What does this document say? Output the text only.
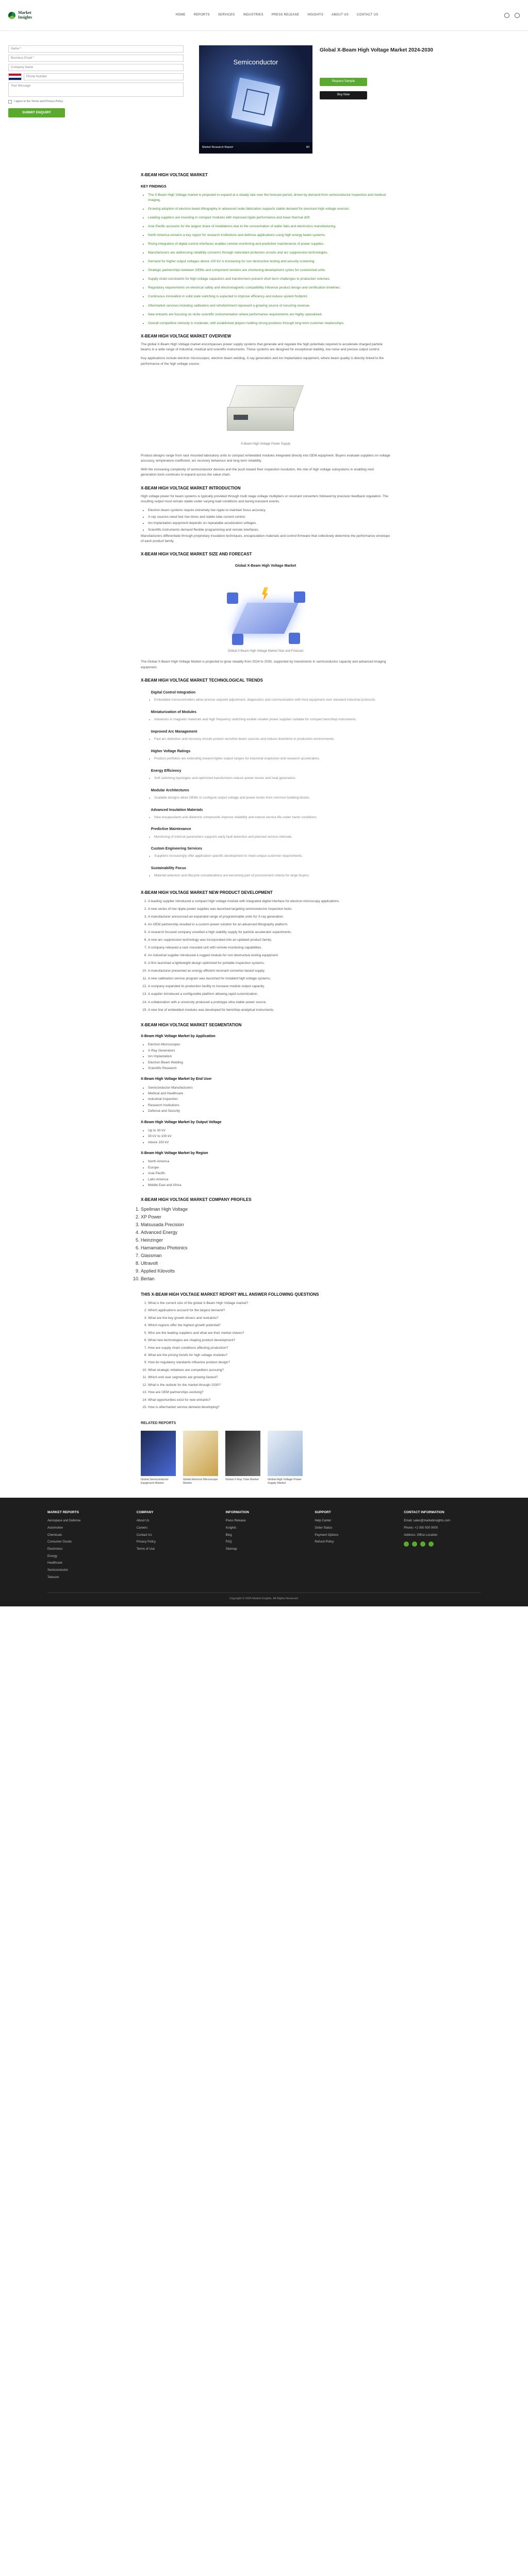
Market
Insights	HOME	REPORTS	SERVICES	INDUSTRIES	PRESS RELEASE	INSIGHTS	ABOUT US	CONTACT US
Name *
Business Email *
Company Name
Phone Number
Your Message
I agree to the Terms and Privacy Policy
SUBMIT ENQUIRY
Semiconductor
Market Research Report	MI
Global X-Beam High Voltage Market 2024-2030
Request Sample
Buy Now
X-BEAM HIGH VOLTAGE MARKET
KEY FINDINGS
• The X-Beam High Voltage market is projected to expand at a steady rate over the forecast period, driven by demand from semiconductor inspection and medical imaging.
• Growing adoption of electron beam lithography in advanced node fabrication supports stable demand for precision high voltage sources.
• Leading suppliers are investing in compact modules with improved ripple performance and lower thermal drift.
• Asia Pacific accounts for the largest share of installations due to the concentration of wafer fabs and electronics manufacturing.
• North America remains a key region for research institutions and defense applications using high energy beam systems.
• Rising integration of digital control interfaces enables remote monitoring and predictive maintenance of power supplies.
• Manufacturers are addressing reliability concerns through redundant protection circuits and arc suppression technologies.
• Demand for higher output voltages above 100 kV is increasing for non destructive testing and security screening.
• Strategic partnerships between OEMs and component vendors are shortening development cycles for customized units.
• Supply chain constraints for high voltage capacitors and transformers present short term challenges to production volumes.
• Regulatory requirements on electrical safety and electromagnetic compatibility influence product design and certification timelines.
• Continuous innovation in solid state switching is expected to improve efficiency and reduce system footprint.
• Aftermarket services including calibration and refurbishment represent a growing source of recurring revenue.
• New entrants are focusing on niche scientific instrumentation where performance requirements are highly specialized.
• Overall competitive intensity is moderate, with established players holding strong positions through long term customer relationships.
X-BEAM HIGH VOLTAGE MARKET OVERVIEW

The global X-Beam High Voltage market encompasses power supply systems that generate and regulate the high potentials required to accelerate charged particle beams in a wide range of industrial, medical and scientific instruments. These systems are designed for exceptional stability, low noise and precise output control.

Key applications include electron microscopes, electron beam welding, X-ray generation and ion implantation equipment, where beam quality is directly linked to the performance of the high voltage source.

X-Beam High Voltage Power Supply

Product designs range from rack mounted laboratory units to compact embedded modules integrated directly into OEM equipment. Buyers evaluate suppliers on voltage accuracy, temperature coefficient, arc recovery behaviour and long term reliability.

With the increasing complexity of semiconductor devices and the push toward finer inspection resolution, the role of high voltage subsystems in enabling next generation tools continues to expand across the value chain.

X-BEAM HIGH VOLTAGE MARKET INTRODUCTION

High voltage power for beam systems is typically provided through multi stage voltage multipliers or resonant converters followed by precision feedback regulation. The resulting output must remain stable under varying load conditions and during transient events.

• Electron beam systems require extremely low ripple to maintain focus accuracy.
• X-ray sources need fast rise times and stable tube current control.
• Ion implantation equipment depends on repeatable acceleration voltages.
• Scientific instruments demand flexible programming and remote interfaces.

Manufacturers differentiate through proprietary insulation techniques, encapsulation materials and control firmware that collectively determine the performance envelope of each product family.

X-BEAM HIGH VOLTAGE MARKET SIZE AND FORECAST
Global X-Beam High Voltage Market
Global X-Beam High Voltage Market Size and Forecast

The Global X-Beam High Voltage Market is projected to grow steadily from 2024 to 2030, supported by investments in semiconductor capacity and advanced imaging equipment.

X-BEAM HIGH VOLTAGE MARKET TECHNOLOGICAL TRENDS
1. Digital Control Integration
• Embedded microcontrollers allow precise setpoint adjustment, diagnostics and communication with host equipment over standard industrial protocols.
1. Miniaturization of Modules
• Advances in magnetic materials and high frequency switching enable smaller power supplies suitable for compact benchtop instruments.
1. Improved Arc Management
• Fast arc detection and recovery circuits protect sensitive beam sources and reduce downtime in production environments.
1. Higher Voltage Ratings
• Product portfolios are extending toward higher output ranges for industrial inspection and research accelerators.
1. Energy Efficiency
• Soft switching topologies and optimized transformers reduce power losses and heat generation.
1. Modular Architectures
• Scalable designs allow OEMs to configure output voltage and power levels from common building blocks.
1. Advanced Insulation Materials
• New encapsulants and dielectric compounds improve reliability and extend service life under harsh conditions.
1. Predictive Maintenance
• Monitoring of internal parameters supports early fault detection and planned service intervals.
1. Custom Engineering Services
• Suppliers increasingly offer application specific development to meet unique customer requirements.
1. Sustainability Focus
• Material selection and lifecycle considerations are becoming part of procurement criteria for large buyers.
X-BEAM HIGH VOLTAGE MARKET NEW PRODUCT DEVELOPMENT
1. A leading supplier introduced a compact high voltage module with integrated digital interface for electron microscopy applications.
2. A new series of low ripple power supplies was launched targeting semiconductor inspection tools.
3. A manufacturer announced an expanded range of programmable units for X-ray generation.
4. An OEM partnership resulted in a custom power solution for an advanced lithography platform.
5. A research focused company unveiled a high stability supply for particle accelerator experiments.
6. A new arc suppression technology was incorporated into an updated product family.
7. A company released a rack mounted unit with remote monitoring capabilities.
8. An industrial supplier introduced a rugged module for non destructive testing equipment.
9. A firm launched a lightweight design optimized for portable inspection systems.
10. A manufacturer presented an energy efficient resonant converter based supply.
11. A new calibration service program was launched for installed high voltage systems.
12. A company expanded its production facility to increase module output capacity.
13. A supplier introduced a configurable platform allowing rapid customization.
14. A collaboration with a university produced a prototype ultra stable power source.
15. A new line of embedded modules was developed for benchtop analytical instruments.
X-BEAM HIGH VOLTAGE MARKET SEGMENTATION
X-Beam High Voltage Market by Application
• Electron Microscopes
• X-Ray Generators
• Ion Implantation
• Electron Beam Welding
• Scientific Research
X-Beam High Voltage Market by End User
• Semiconductor Manufacturers
• Medical and Healthcare
• Industrial Inspection
• Research Institutions
• Defense and Security
X-Beam High Voltage Market by Output Voltage
• Up to 30 kV
• 30 kV to 100 kV
• Above 100 kV
X-Beam High Voltage Market by Region
• North America
• Europe
• Asia Pacific
• Latin America
• Middle East and Africa
X-BEAM HIGH VOLTAGE MARKET COMPANY PROFILES
1. Spellman High Voltage
2. XP Power
3. Matsusada Precision
4. Advanced Energy
5. Heinzinger
6. Hamamatsu Photonics
7. Glassman
8. Ultravolt
9. Applied Kilovolts
10. Bertan
THIS X-BEAM HIGH VOLTAGE MARKET REPORT WILL ANSWER FOLLOWING QUESTIONS
1. What is the current size of the global X-Beam High Voltage market?
2. Which applications account for the largest demand?
3. What are the key growth drivers and restraints?
4. Which regions offer the highest growth potential?
5. Who are the leading suppliers and what are their market shares?
6. What new technologies are shaping product development?
7. How are supply chain conditions affecting production?
8. What are the pricing trends for high voltage modules?
9. How do regulatory standards influence product design?
10. What strategic initiatives are competitors pursuing?
11. Which end user segments are growing fastest?
12. What is the outlook for the market through 2030?
13. How are OEM partnerships evolving?
14. What opportunities exist for new entrants?
15. How is aftermarket service demand developing?
RELATED REPORTS

Global Semiconductor Equipment Market

Global Electron Microscope Market

Global X-Ray Tube Market	Global High Voltage Power Supply Market

MARKET REPORTS
Aerospace and Defense
Automotive
Chemicals
Consumer Goods
Electronics
Energy
Healthcare
Semiconductor
Telecom
COMPANY
About Us
Careers
Contact Us
Privacy Policy
Terms of Use
INFORMATION
Press Release
Insights
Blog
FAQ
Sitemap
SUPPORT
Help Center
Order Status
Payment Options
Refund Policy
CONTACT INFORMATION
Email: sales@marketinsights.com
Phone: +1 000 000 0000
Address: Office Location
Copyright © 2024 Market Insights. All Rights Reserved.
